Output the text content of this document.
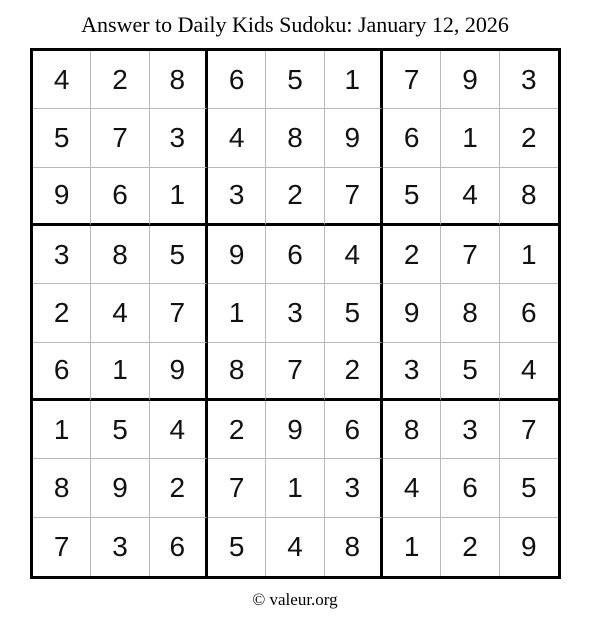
Answer to Daily Kids Sudoku: January 12, 2026
4	2	8	6	5	1	7	9	3
5	7	3	4	8	9	6	1	2
9	6	1	3	2	7	5	4	8
3	8	5	9	6	4	2	7	1
2	4	7	1	3	5	9	8	6
6	1	9	8	7	2	3	5	4
1	5	4	2	9	6	8	3	7
8	9	2	7	1	3	4	6	5
7	3	6	5	4	8	1	2	9
© valeur.org
